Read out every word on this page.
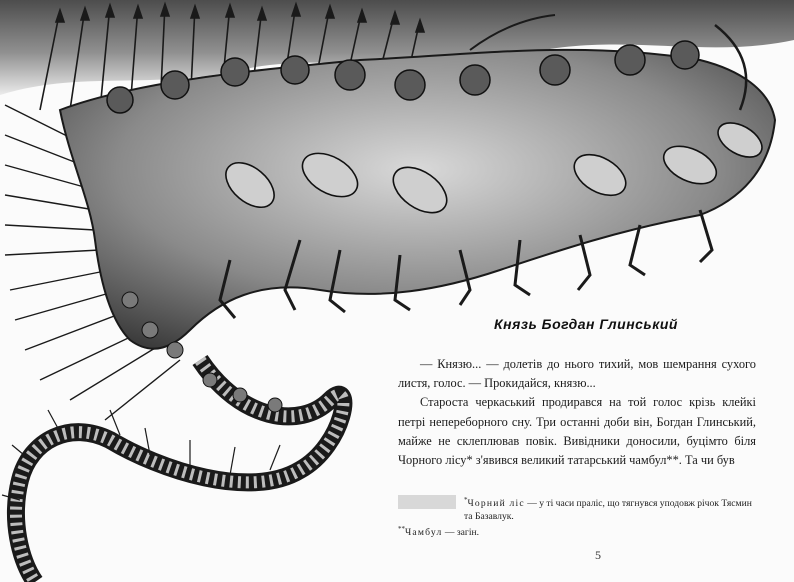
Князь Богдан Глинський

— Князю... — долетів до нього тихий, мов шемрання сухого листя, голос. — Прокидайся, князю...

Староста черкаський продирався на той голос крізь клейкі петрі непереборного сну. Три останні доби він, Богдан Глинський, майже не склеплював повік. Вивідники доносили, буцімто біля Чорного лісу* з'явився великий татарський чамбул**. Та чи був

*Чорний ліс — у ті часи праліс, що тягнувся уподовж річок Тясмин та Базавлук.

**Чамбул — загін.

5
